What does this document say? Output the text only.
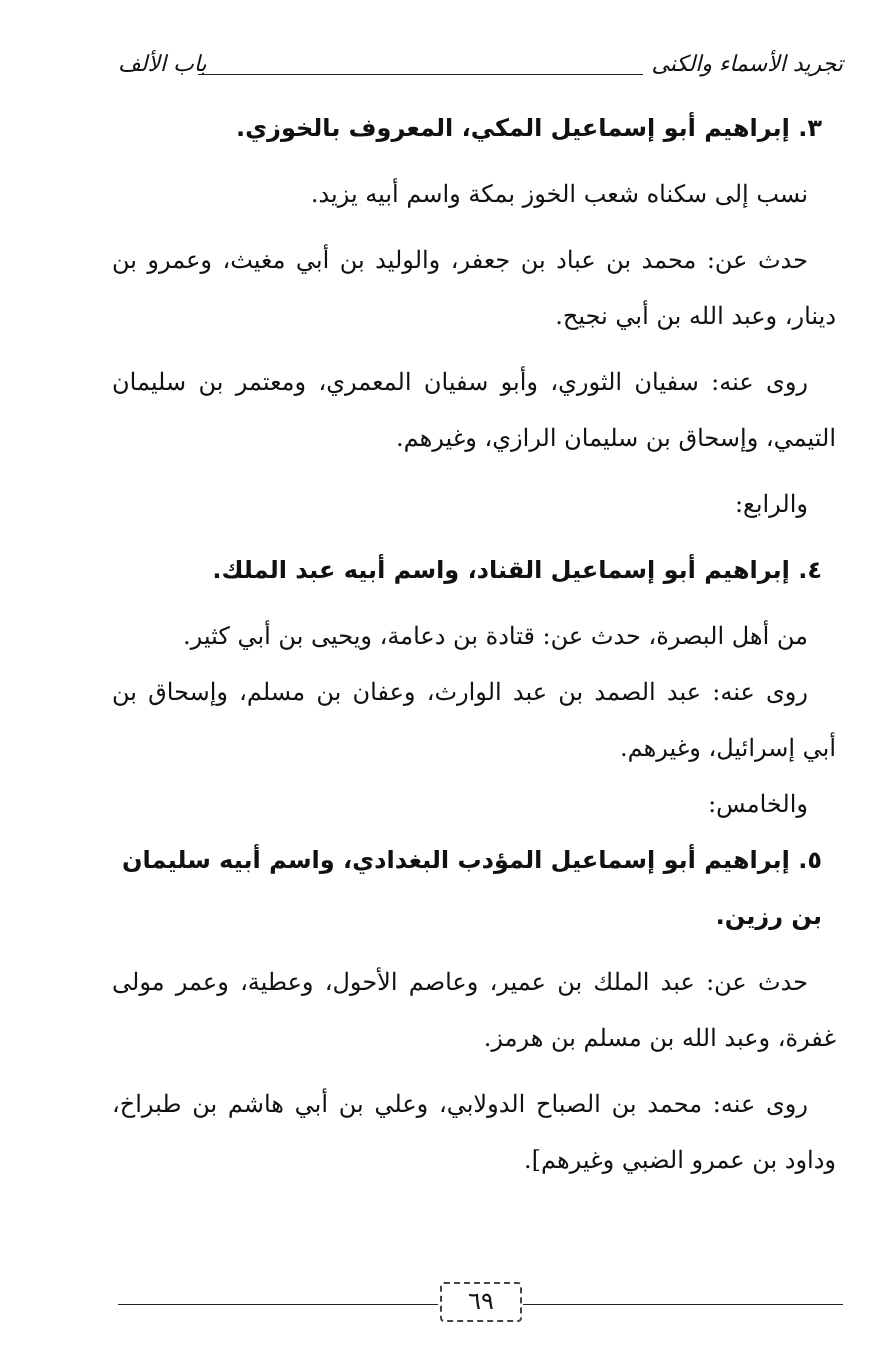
تجريد الأسماء والكنى
باب الألف
٣. إبراهيم أبو إسماعيل المكي، المعروف بالخوزي.
نسب إلى سكناه شعب الخوز بمكة واسم أبيه يزيد.
حدث عن: محمد بن عباد بن جعفر، والوليد بن أبي مغيث، وعمرو بن دينار، وعبد الله بن أبي نجيح.
روى عنه: سفيان الثوري، وأبو سفيان المعمري، ومعتمر بن سليمان التيمي، وإسحاق بن سليمان الرازي، وغيرهم.
والرابع:
٤. إبراهيم أبو إسماعيل القناد، واسم أبيه عبد الملك.
من أهل البصرة، حدث عن: قتادة بن دعامة، ويحيى بن أبي كثير.
روى عنه: عبد الصمد بن عبد الوارث، وعفان بن مسلم، وإسحاق بن أبي إسرائيل، وغيرهم.
والخامس:
٥. إبراهيم أبو إسماعيل المؤدب البغدادي، واسم أبيه سليمان بن رزين.
حدث عن: عبد الملك بن عمير، وعاصم الأحول، وعطية، وعمر مولى غفرة، وعبد الله بن مسلم بن هرمز.
روى عنه: محمد بن الصباح الدولابي، وعلي بن أبي هاشم بن طبراخ، وداود بن عمرو الضبي وغيرهم].
٦٩
